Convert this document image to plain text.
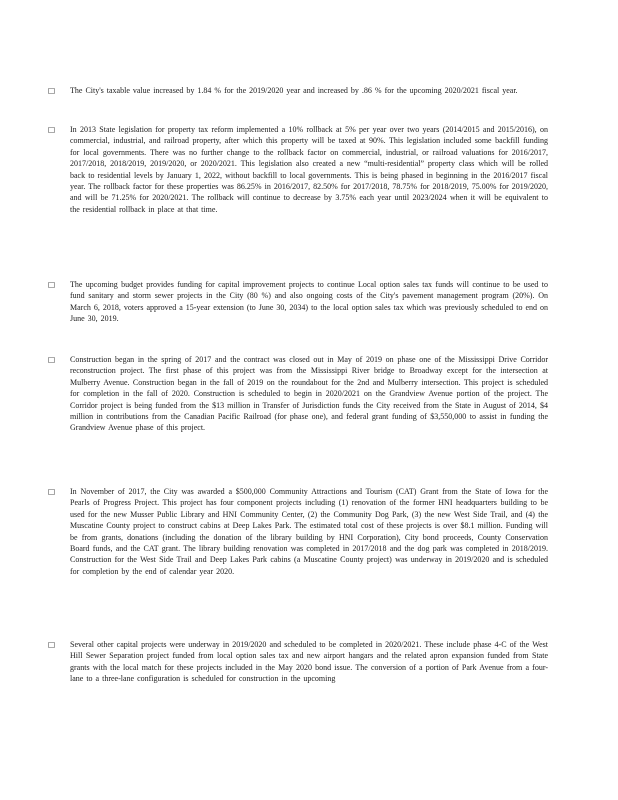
□ The City's taxable value increased by 1.84 % for the 2019/2020 year and increased by .86 % for the upcoming 2020/2021 fiscal year.
□ In 2013 State legislation for property tax reform implemented a 10% rollback at 5% per year over two years (2014/2015 and 2015/2016), on commercial, industrial, and railroad property, after which this property will be taxed at 90%. This legislation included some backfill funding for local governments. There was no further change to the rollback factor on commercial, industrial, or railroad valuations for 2016/2017, 2017/2018, 2018/2019, 2019/2020, or 2020/2021. This legislation also created a new “multi-residential” property class which will be rolled back to residential levels by January 1, 2022, without backfill to local governments. This is being phased in beginning in the 2016/2017 fiscal year. The rollback factor for these properties was 86.25% in 2016/2017, 82.50% for 2017/2018, 78.75% for 2018/2019, 75.00% for 2019/2020, and will be 71.25% for 2020/2021. The rollback will continue to decrease by 3.75% each year until 2023/2024 when it will be equivalent to the residential rollback in place at that time.
□ The upcoming budget provides funding for capital improvement projects to continue Local option sales tax funds will continue to be used to fund sanitary and storm sewer projects in the City (80 %) and also ongoing costs of the City's pavement management program (20%). On March 6, 2018, voters approved a 15-year extension (to June 30, 2034) to the local option sales tax which was previously scheduled to end on June 30, 2019.
□ Construction began in the spring of 2017 and the contract was closed out in May of 2019 on phase one of the Mississippi Drive Corridor reconstruction project. The first phase of this project was from the Mississippi River bridge to Broadway except for the intersection at Mulberry Avenue. Construction began in the fall of 2019 on the roundabout for the 2nd and Mulberry intersection. This project is scheduled for completion in the fall of 2020. Construction is scheduled to begin in 2020/2021 on the Grandview Avenue portion of the project. The Corridor project is being funded from the $13 million in Transfer of Jurisdiction funds the City received from the State in August of 2014, $4 million in contributions from the Canadian Pacific Railroad (for phase one), and federal grant funding of $3,550,000 to assist in funding the Grandview Avenue phase of this project.
□ In November of 2017, the City was awarded a $500,000 Community Attractions and Tourism (CAT) Grant from the State of Iowa for the Pearls of Progress Project. This project has four component projects including (1) renovation of the former HNI headquarters building to be used for the new Musser Public Library and HNI Community Center, (2) the Community Dog Park, (3) the new West Side Trail, and (4) the Muscatine County project to construct cabins at Deep Lakes Park. The estimated total cost of these projects is over $8.1 million. Funding will be from grants, donations (including the donation of the library building by HNI Corporation), City bond proceeds, County Conservation Board funds, and the CAT grant. The library building renovation was completed in 2017/2018 and the dog park was completed in 2018/2019. Construction for the West Side Trail and Deep Lakes Park cabins (a Muscatine County project) was underway in 2019/2020 and is scheduled for completion by the end of calendar year 2020.
□ Several other capital projects were underway in 2019/2020 and scheduled to be completed in 2020/2021. These include phase 4-C of the West Hill Sewer Separation project funded from local option sales tax and new airport hangars and the related apron expansion funded from State grants with the local match for these projects included in the May 2020 bond issue. The conversion of a portion of Park Avenue from a four-lane to a three-lane configuration is scheduled for construction in the upcoming
